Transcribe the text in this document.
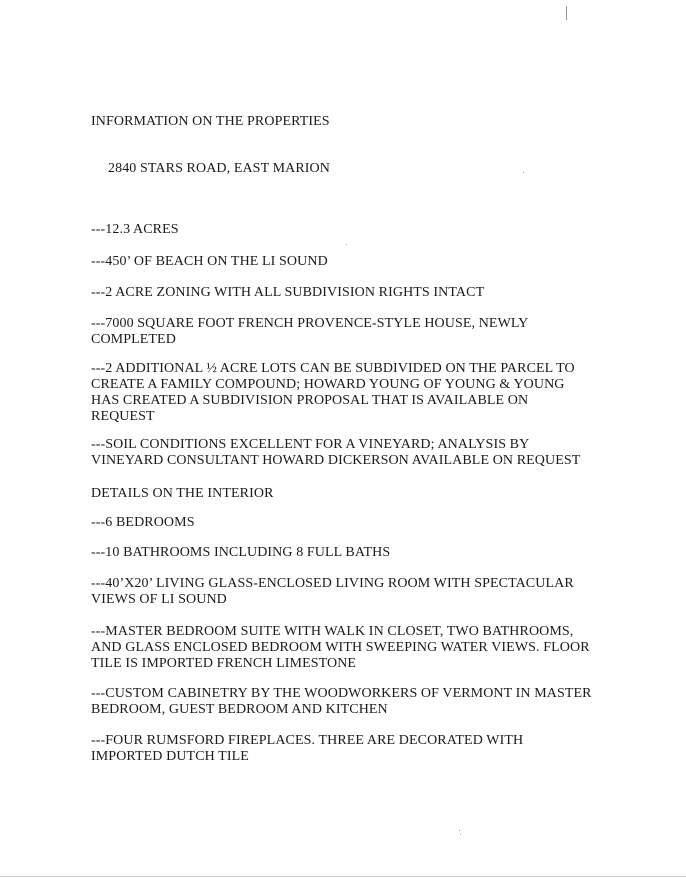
INFORMATION ON THE PROPERTIES
2840 STARS ROAD, EAST MARION
---12.3 ACRES
---450’ OF BEACH ON THE LI SOUND
---2 ACRE ZONING WITH ALL SUBDIVISION RIGHTS INTACT
---7000 SQUARE FOOT FRENCH PROVENCE-STYLE HOUSE, NEWLY
COMPLETED
---2 ADDITIONAL ½ ACRE LOTS CAN BE SUBDIVIDED ON THE PARCEL TO
CREATE A FAMILY COMPOUND; HOWARD YOUNG OF YOUNG & YOUNG
HAS CREATED A SUBDIVISION PROPOSAL THAT IS AVAILABLE ON
REQUEST
---SOIL CONDITIONS EXCELLENT FOR A VINEYARD; ANALYSIS BY
VINEYARD CONSULTANT HOWARD DICKERSON AVAILABLE ON REQUEST
DETAILS ON THE INTERIOR
---6 BEDROOMS
---10 BATHROOMS INCLUDING 8 FULL BATHS
---40’X20’ LIVING GLASS-ENCLOSED LIVING ROOM WITH SPECTACULAR
VIEWS OF LI SOUND
---MASTER BEDROOM SUITE WITH WALK IN CLOSET, TWO BATHROOMS,
AND GLASS ENCLOSED BEDROOM WITH SWEEPING WATER VIEWS. FLOOR
TILE IS IMPORTED FRENCH LIMESTONE
---CUSTOM CABINETRY BY THE WOODWORKERS OF VERMONT IN MASTER
BEDROOM, GUEST BEDROOM AND KITCHEN
---FOUR RUMSFORD FIREPLACES. THREE ARE DECORATED WITH
IMPORTED DUTCH TILE
